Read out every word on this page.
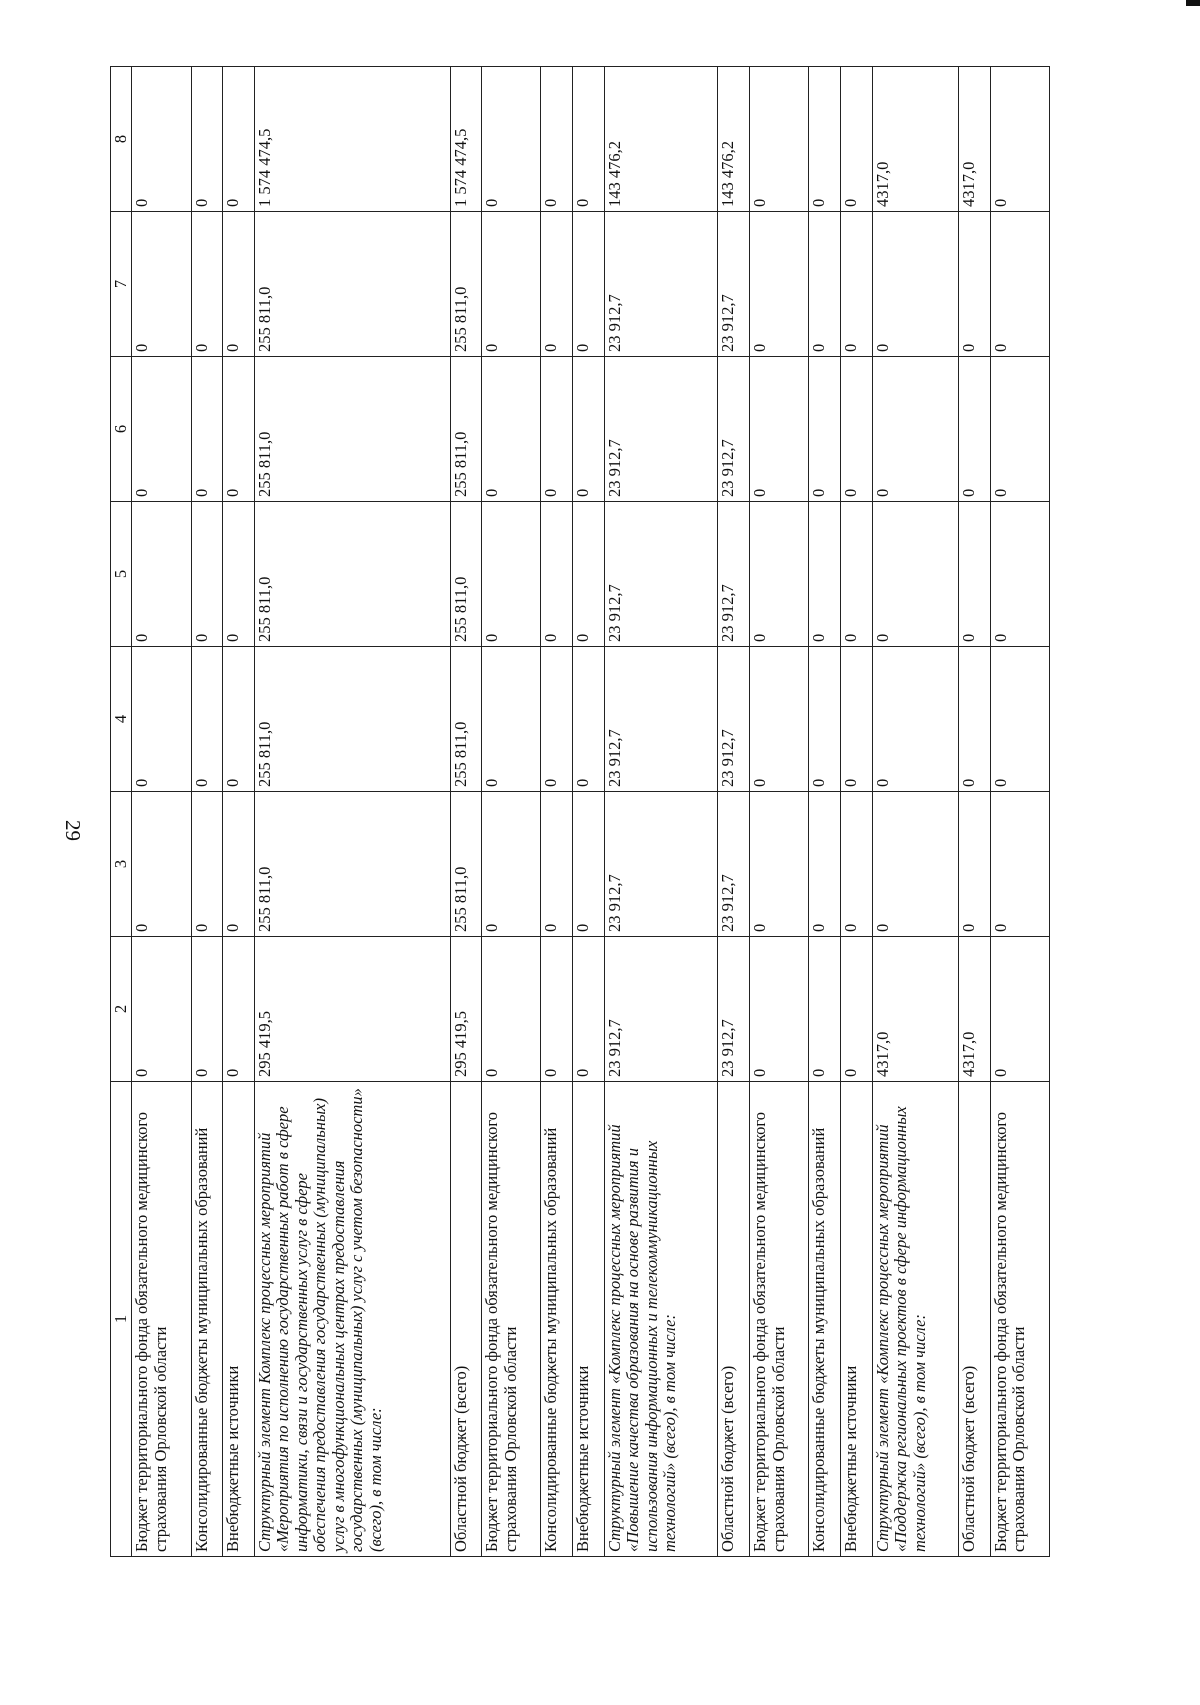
29
1	2	3	4	5	6	7	8
Бюджет территориального фонда обязательного медицинского страхования Орловской области	0	0	0	0	0	0	0
Консолидированные бюджеты муниципальных образований	0	0	0	0	0	0	0
Внебюджетные источники	0	0	0	0	0	0	0
Структурный элемент Комплекс процессных мероприятий «Мероприятия по исполнению государственных работ в сфере информатики, связи и государственных услуг в сфере обеспечения предоставления государственных (муниципальных) услуг в многофункциональных центрах предоставления государственных (муниципальных) услуг с учетом безопасности» (всего), в том числе:	295 419,5	255 811,0	255 811,0	255 811,0	255 811,0	255 811,0	1 574 474,5
Областной бюджет (всего)	295 419,5	255 811,0	255 811,0	255 811,0	255 811,0	255 811,0	1 574 474,5
Бюджет территориального фонда обязательного медицинского страхования Орловской области	0	0	0	0	0	0	0
Консолидированные бюджеты муниципальных образований	0	0	0	0	0	0	0
Внебюджетные источники	0	0	0	0	0	0	0
Структурный элемент «Комплекс процессных мероприятий «Повышение качества образования на основе развития и использования информационных и телекоммуникационных технологий» (всего), в том числе:	23 912,7	23 912,7	23 912,7	23 912,7	23 912,7	23 912,7	143 476,2
Областной бюджет (всего)	23 912,7	23 912,7	23 912,7	23 912,7	23 912,7	23 912,7	143 476,2
Бюджет территориального фонда обязательного медицинского страхования Орловской области	0	0	0	0	0	0	0
Консолидированные бюджеты муниципальных образований	0	0	0	0	0	0	0
Внебюджетные источники	0	0	0	0	0	0	0
Структурный элемент «Комплекс процессных мероприятий «Поддержка региональных проектов в сфере информационных технологий» (всего), в том числе:	4317,0	0	0	0	0	0	4317,0
Областной бюджет (всего)	4317,0	0	0	0	0	0	4317,0
Бюджет территориального фонда обязательного медицинского страхования Орловской области	0	0	0	0	0	0	0
